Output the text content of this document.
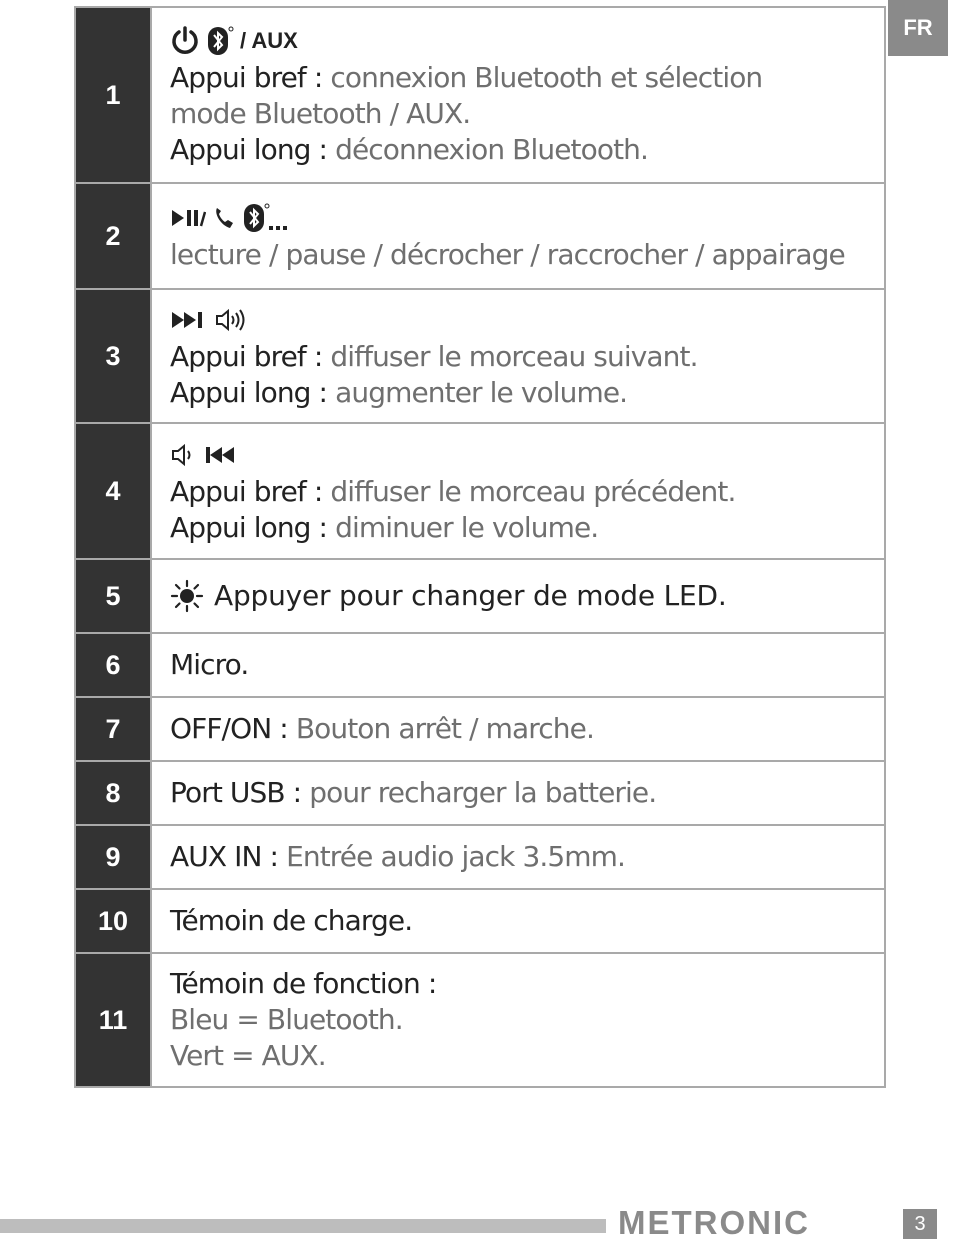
FR
1	/ AUX
Appui bref : connexion Bluetooth et sélection
mode Bluetooth / AUX.
Appui long : déconnexion Bluetooth.

2	lecture / pause / décrocher / raccrocher / appairage

3	Appui bref : diffuser le morceau suivant.
Appui long : augmenter le volume.

4	Appui bref : diffuser le morceau précédent.
Appui long : diminuer le volume.

5	Appuyer pour changer de mode LED.

6	Micro.
7	OFF/ON : Bouton arrêt / marche.
8	Port USB : pour recharger la batterie.
9	AUX IN : Entrée audio jack 3.5mm.
10	Témoin de charge.
11	Témoin de fonction :
Bleu = Bluetooth.
Vert = AUX.
METRONIC	3
